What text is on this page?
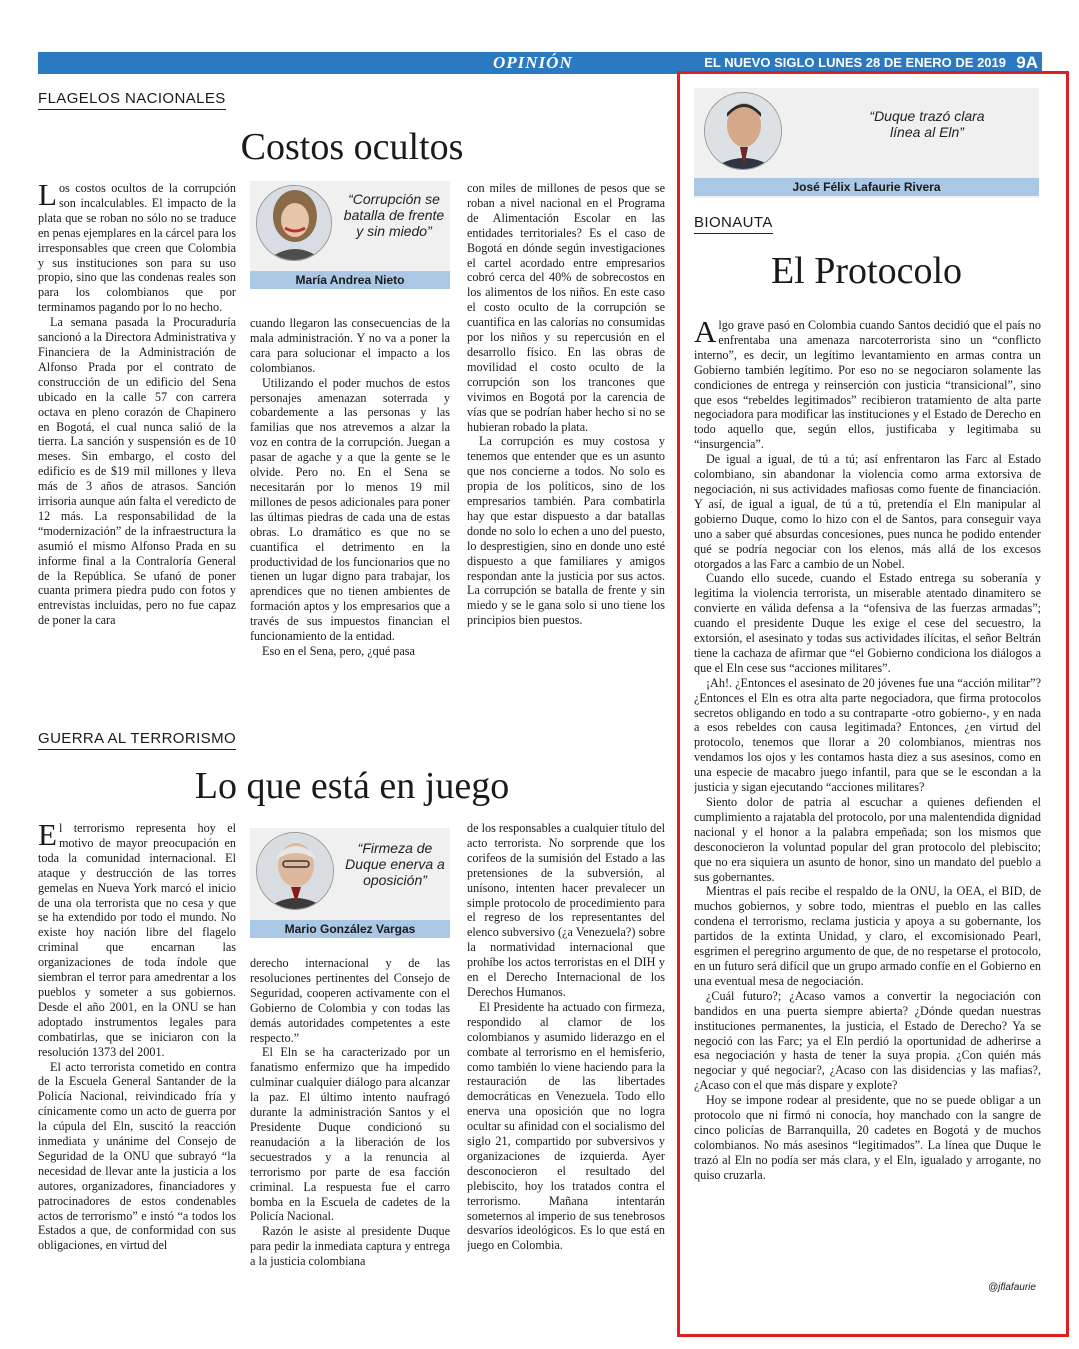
OPINIÓN	EL NUEVO SIGLO LUNES 28 DE ENERO DE 2019 9A
FLAGELOS NACIONALES
Costos ocultos

Los costos ocultos de la corrupción son incalculables. El impacto de la plata que se roban no sólo no se traduce en penas ejemplares en la cárcel para los irresponsables que creen que Colombia y sus instituciones son para su uso propio, sino que las condenas reales son para los colombianos que por terminamos pagando por lo no hecho.

La semana pasada la Procuraduría sancionó a la Directora Administrativa y Financiera de la Administración de Alfonso Prada por el contrato de construcción de un edificio del Sena ubicado en la calle 57 con carrera octava en pleno corazón de Chapinero en Bogotá, el cual nunca salió de la tierra. La sanción y suspensión es de 10 meses. Sin embargo, el costo del edificio es de $19 mil millones y lleva más de 3 años de atrasos. Sanción irrisoria aunque aún falta el veredicto de 12 más. La responsabilidad de la “modernización” de la infraestructura la asumió el mismo Alfonso Prada en su informe final a la Contraloría General de la República. Se ufanó de poner cuanta primera piedra pudo con fotos y entrevistas incluidas, pero no fue capaz de poner la cara

“Corrupción se batalla de frente y sin miedo”
María Andrea Nieto

cuando llegaron las consecuencias de la mala administración. Y no va a poner la cara para solucionar el impacto a los colombianos.

Utilizando el poder muchos de estos personajes amenazan soterrada y cobardemente a las personas y las familias que nos atrevemos a alzar la voz en contra de la corrupción. Juegan a pasar de agache y a que la gente se le olvide. Pero no. En el Sena se necesitarán por lo menos 19 mil millones de pesos adicionales para poner las últimas piedras de cada una de estas obras. Lo dramático es que no se cuantifica el detrimento en la productividad de los funcionarios que no tienen un lugar digno para trabajar, los aprendices que no tienen ambientes de formación aptos y los empresarios que a través de sus impuestos financian el funcionamiento de la entidad.

Eso en el Sena, pero, ¿qué pasa

con miles de millones de pesos que se roban a nivel nacional en el Programa de Alimentación Escolar en las entidades territoriales? Es el caso de Bogotá en dónde según investigaciones el cartel acordado entre empresarios cobró cerca del 40% de sobrecostos en los alimentos de los niños. En este caso el costo oculto de la corrupción se cuantifica en las calorías no consumidas por los niños y su repercusión en el desarrollo físico. En las obras de movilidad el costo oculto de la corrupción son los trancones que vivimos en Bogotá por la carencia de vías que se podrían haber hecho si no se hubieran robado la plata.

La corrupción es muy costosa y tenemos que entender que es un asunto que nos concierne a todos. No solo es propia de los políticos, sino de los empresarios también. Para combatirla hay que estar dispuesto a dar batallas donde no solo lo echen a uno del puesto, lo desprestigien, sino en donde uno esté dispuesto a que familiares y amigos respondan ante la justicia por sus actos. La corrupción se batalla de frente y sin miedo y se le gana solo si uno tiene los principios bien puestos.

GUERRA AL TERRORISMO
Lo que está en juego

El terrorismo representa hoy el motivo de mayor preocupación en toda la comunidad internacional. El ataque y destrucción de las torres gemelas en Nueva York marcó el inicio de una ola terrorista que no cesa y que se ha extendido por todo el mundo. No existe hoy nación libre del flagelo criminal que encarnan las organizaciones de toda índole que siembran el terror para amedrentar a los pueblos y someter a sus gobiernos. Desde el año 2001, en la ONU se han adoptado instrumentos legales para combatirlas, que se iniciaron con la resolución 1373 del 2001.

El acto terrorista cometido en contra de la Escuela General Santander de la Policía Nacional, reivindicado fría y cínicamente como un acto de guerra por la cúpula del Eln, suscitó la reacción inmediata y unánime del Consejo de Seguridad de la ONU que subrayó “la necesidad de llevar ante la justicia a los autores, organizadores, financiadores y patrocinadores de estos condenables actos de terrorismo” e instó “a todos los Estados a que, de conformidad con sus obligaciones, en virtud del

“Firmeza de Duque enerva a oposición”
Mario González Vargas

derecho internacional y de las resoluciones pertinentes del Consejo de Seguridad, cooperen activamente con el Gobierno de Colombia y con todas las demás autoridades competentes a este respecto.”

El Eln se ha caracterizado por un fanatismo enfermizo que ha impedido culminar cualquier diálogo para alcanzar la paz. El último intento naufragó durante la administración Santos y el Presidente Duque condicionó su reanudación a la liberación de los secuestrados y a la renuncia al terrorismo por parte de esa facción criminal. La respuesta fue el carro bomba en la Escuela de cadetes de la Policía Nacional.

Razón le asiste al presidente Duque para pedir la inmediata captura y entrega a la justicia colombiana

de los responsables a cualquier título del acto terrorista. No sorprende que los corifeos de la sumisión del Estado a las pretensiones de la subversión, al unísono, intenten hacer prevalecer un simple protocolo de procedimiento para el regreso de los representantes del elenco subversivo (¿a Venezuela?) sobre la normatividad internacional que prohíbe los actos terroristas en el DIH y en el Derecho Internacional de los Derechos Humanos.

El Presidente ha actuado con firmeza, respondido al clamor de los colombianos y asumido liderazgo en el combate al terrorismo en el hemisferio, como también lo viene haciendo para la restauración de las libertades democráticas en Venezuela. Todo ello enerva una oposición que no logra ocultar su afinidad con el socialismo del siglo 21, compartido por subversivos y organizaciones de izquierda. Ayer desconocieron el resultado del plebiscito, hoy los tratados contra el terrorismo. Mañana intentarán someternos al imperio de sus tenebrosos desvaríos ideológicos. Es lo que está en juego en Colombia.

“Duque trazó clara línea al Eln”
José Félix Lafaurie Rivera
BIONAUTA
El Protocolo

Algo grave pasó en Colombia cuando Santos decidió que el país no enfrentaba una amenaza narcoterrorista sino un “conflicto interno”, es decir, un legítimo levantamiento en armas contra un Gobierno también legítimo. Por eso no se negociaron solamente las condiciones de entrega y reinserción con justicia “transicional”, sino que esos “rebeldes legitimados” recibieron tratamiento de alta parte negociadora para modificar las instituciones y el Estado de Derecho en todo aquello que, según ellos, justificaba y legitimaba su “insurgencia”.

De igual a igual, de tú a tú; así enfrentaron las Farc al Estado colombiano, sin abandonar la violencia como arma extorsiva de negociación, ni sus actividades mafiosas como fuente de financiación. Y así, de igual a igual, de tú a tú, pretendía el Eln manipular al gobierno Duque, como lo hizo con el de Santos, para conseguir vaya uno a saber qué absurdas concesiones, pues nunca he podido entender qué se podría negociar con los elenos, más allá de los excesos otorgados a las Farc a cambio de un Nobel.

Cuando ello sucede, cuando el Estado entrega su soberanía y legitima la violencia terrorista, un miserable atentado dinamitero se convierte en válida defensa a la “ofensiva de las fuerzas armadas”; cuando el presidente Duque les exige el cese del secuestro, la extorsión, el asesinato y todas sus actividades ilícitas, el señor Beltrán tiene la cachaza de afirmar que “el Gobierno condiciona los diálogos a que el Eln cese sus “acciones militares”.

¡Ah!. ¿Entonces el asesinato de 20 jóvenes fue una “acción militar”? ¿Entonces el Eln es otra alta parte negociadora, que firma protocolos secretos obligando en todo a su contraparte -otro gobierno-, y en nada a esos rebeldes con causa legitimada? Entonces, ¿en virtud del protocolo, tenemos que llorar a 20 colombianos, mientras nos vendamos los ojos y les contamos hasta diez a sus asesinos, como en una especie de macabro juego infantil, para que se le escondan a la justicia y sigan ejecutando “acciones militares?

Siento dolor de patria al escuchar a quienes defienden el cumplimiento a rajatabla del protocolo, por una malentendida dignidad nacional y el honor a la palabra empeñada; son los mismos que desconocieron la voluntad popular del gran protocolo del plebiscito; que no era siquiera un asunto de honor, sino un mandato del pueblo a sus gobernantes.

Mientras el país recibe el respaldo de la ONU, la OEA, el BID, de muchos gobiernos, y sobre todo, mientras el pueblo en las calles condena el terrorismo, reclama justicia y apoya a su gobernante, los partidos de la extinta Unidad, y claro, el excomisionado Pearl, esgrimen el peregrino argumento de que, de no respetarse el protocolo, en un futuro será difícil que un grupo armado confíe en el Gobierno en una eventual mesa de negociación.

¿Cuál futuro?; ¿Acaso vamos a convertir la negociación con bandidos en una puerta siempre abierta? ¿Dónde quedan nuestras instituciones permanentes, la justicia, el Estado de Derecho? Ya se negoció con las Farc; ya el Eln perdió la oportunidad de adherirse a esa negociación y hasta de tener la suya propia. ¿Con quién más negociar y qué negociar?, ¿Acaso con las disidencias y las mafias?, ¿Acaso con el que más dispare y explote?

Hoy se impone rodear al presidente, que no se puede obligar a un protocolo que ni firmó ni conocía, hoy manchado con la sangre de cinco policías de Barranquilla, 20 cadetes en Bogotá y de muchos colombianos. No más asesinos “legitimados”. La línea que Duque le trazó al Eln no podía ser más clara, y el Eln, igualado y arrogante, no quiso cruzarla.

@jflafaurie
